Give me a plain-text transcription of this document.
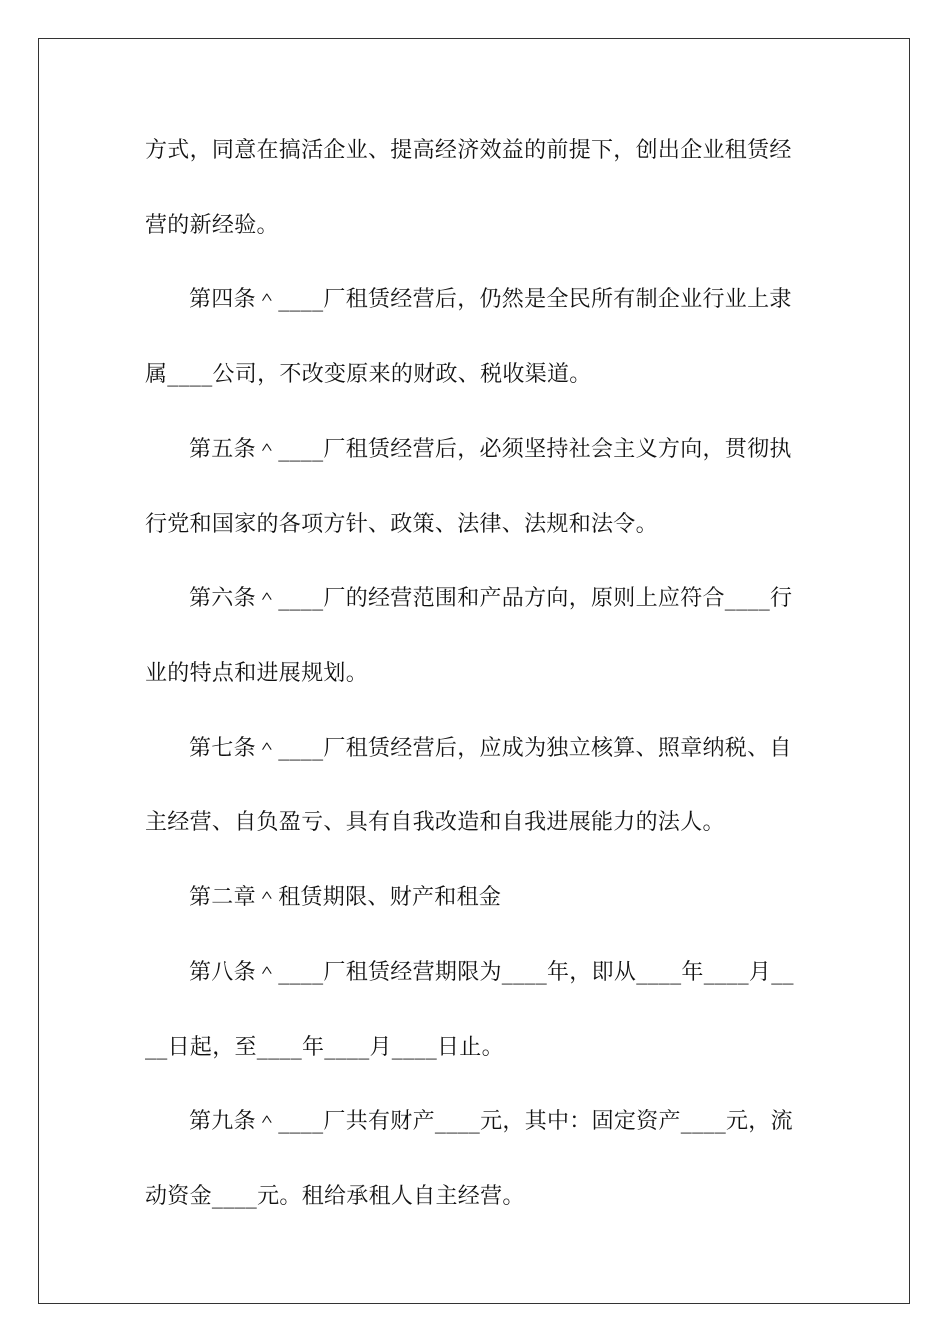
方式，同意在搞活企业、提高经济效益的前提下，创出企业租赁经
营的新经验。
第四条＾____厂租赁经营后，仍然是全民所有制企业行业上隶
属____公司，不改变原来的财政、税收渠道。
第五条＾____厂租赁经营后，必须坚持社会主义方向，贯彻执
行党和国家的各项方针、政策、法律、法规和法令。
第六条＾____厂的经营范围和产品方向，原则上应符合____行
业的特点和进展规划。
第七条＾____厂租赁经营后，应成为独立核算、照章纳税、自
主经营、自负盈亏、具有自我改造和自我进展能力的法人。
第二章＾租赁期限、财产和租金
第八条＾____厂租赁经营期限为____年，即从____年____月__
__日起，至____年____月____日止。
第九条＾____厂共有财产____元，其中：固定资产____元，流
动资金____元。租给承租人自主经营。
